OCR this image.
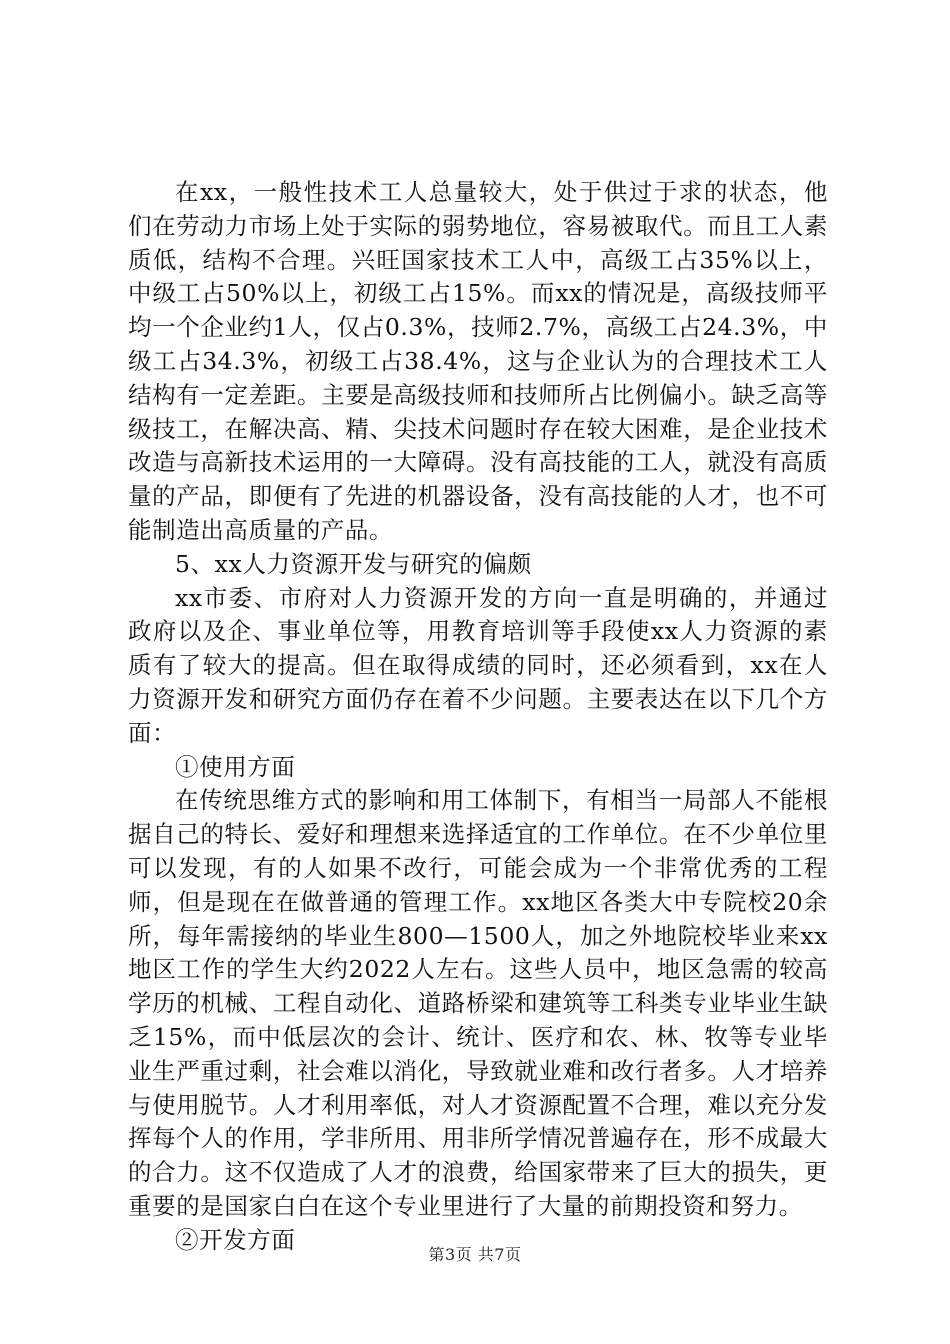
在xx，一般性技术工人总量较大，处于供过于求的状态，他们在劳动力市场上处于实际的弱势地位，容易被取代。而且工人素质低，结构不合理。兴旺国家技术工人中，高级工占35%以上，中级工占50%以上，初级工占15%。而xx的情况是，高级技师平均一个企业约1人，仅占0.3%，技师2.7%，高级工占24.3%，中级工占34.3%，初级工占38.4%，这与企业认为的合理技术工人结构有一定差距。主要是高级技师和技师所占比例偏小。缺乏高等级技工，在解决高、精、尖技术问题时存在较大困难，是企业技术改造与高新技术运用的一大障碍。没有高技能的工人，就没有高质量的产品，即便有了先进的机器设备，没有高技能的人才，也不可能制造出高质量的产品。

5、xx人力资源开发与研究的偏颇

xx市委、市府对人力资源开发的方向一直是明确的，并通过政府以及企、事业单位等，用教育培训等手段使xx人力资源的素质有了较大的提高。但在取得成绩的同时，还必须看到，xx在人力资源开发和研究方面仍存在着不少问题。主要表达在以下几个方面：

①使用方面

在传统思维方式的影响和用工体制下，有相当一局部人不能根据自己的特长、爱好和理想来选择适宜的工作单位。在不少单位里可以发现，有的人如果不改行，可能会成为一个非常优秀的工程师，但是现在在做普通的管理工作。xx地区各类大中专院校20余所，每年需接纳的毕业生800—1500人，加之外地院校毕业来xx地区工作的学生大约2022人左右。这些人员中，地区急需的较高学历的机械、工程自动化、道路桥梁和建筑等工科类专业毕业生缺乏15%，而中低层次的会计、统计、医疗和农、林、牧等专业毕业生严重过剩，社会难以消化，导致就业难和改行者多。人才培养与使用脱节。人才利用率低，对人才资源配置不合理，难以充分发挥每个人的作用，学非所用、用非所学情况普遍存在，形不成最大的合力。这不仅造成了人才的浪费，给国家带来了巨大的损失，更重要的是国家白白在这个专业里进行了大量的前期投资和努力。

②开发方面

第3页 共7页
